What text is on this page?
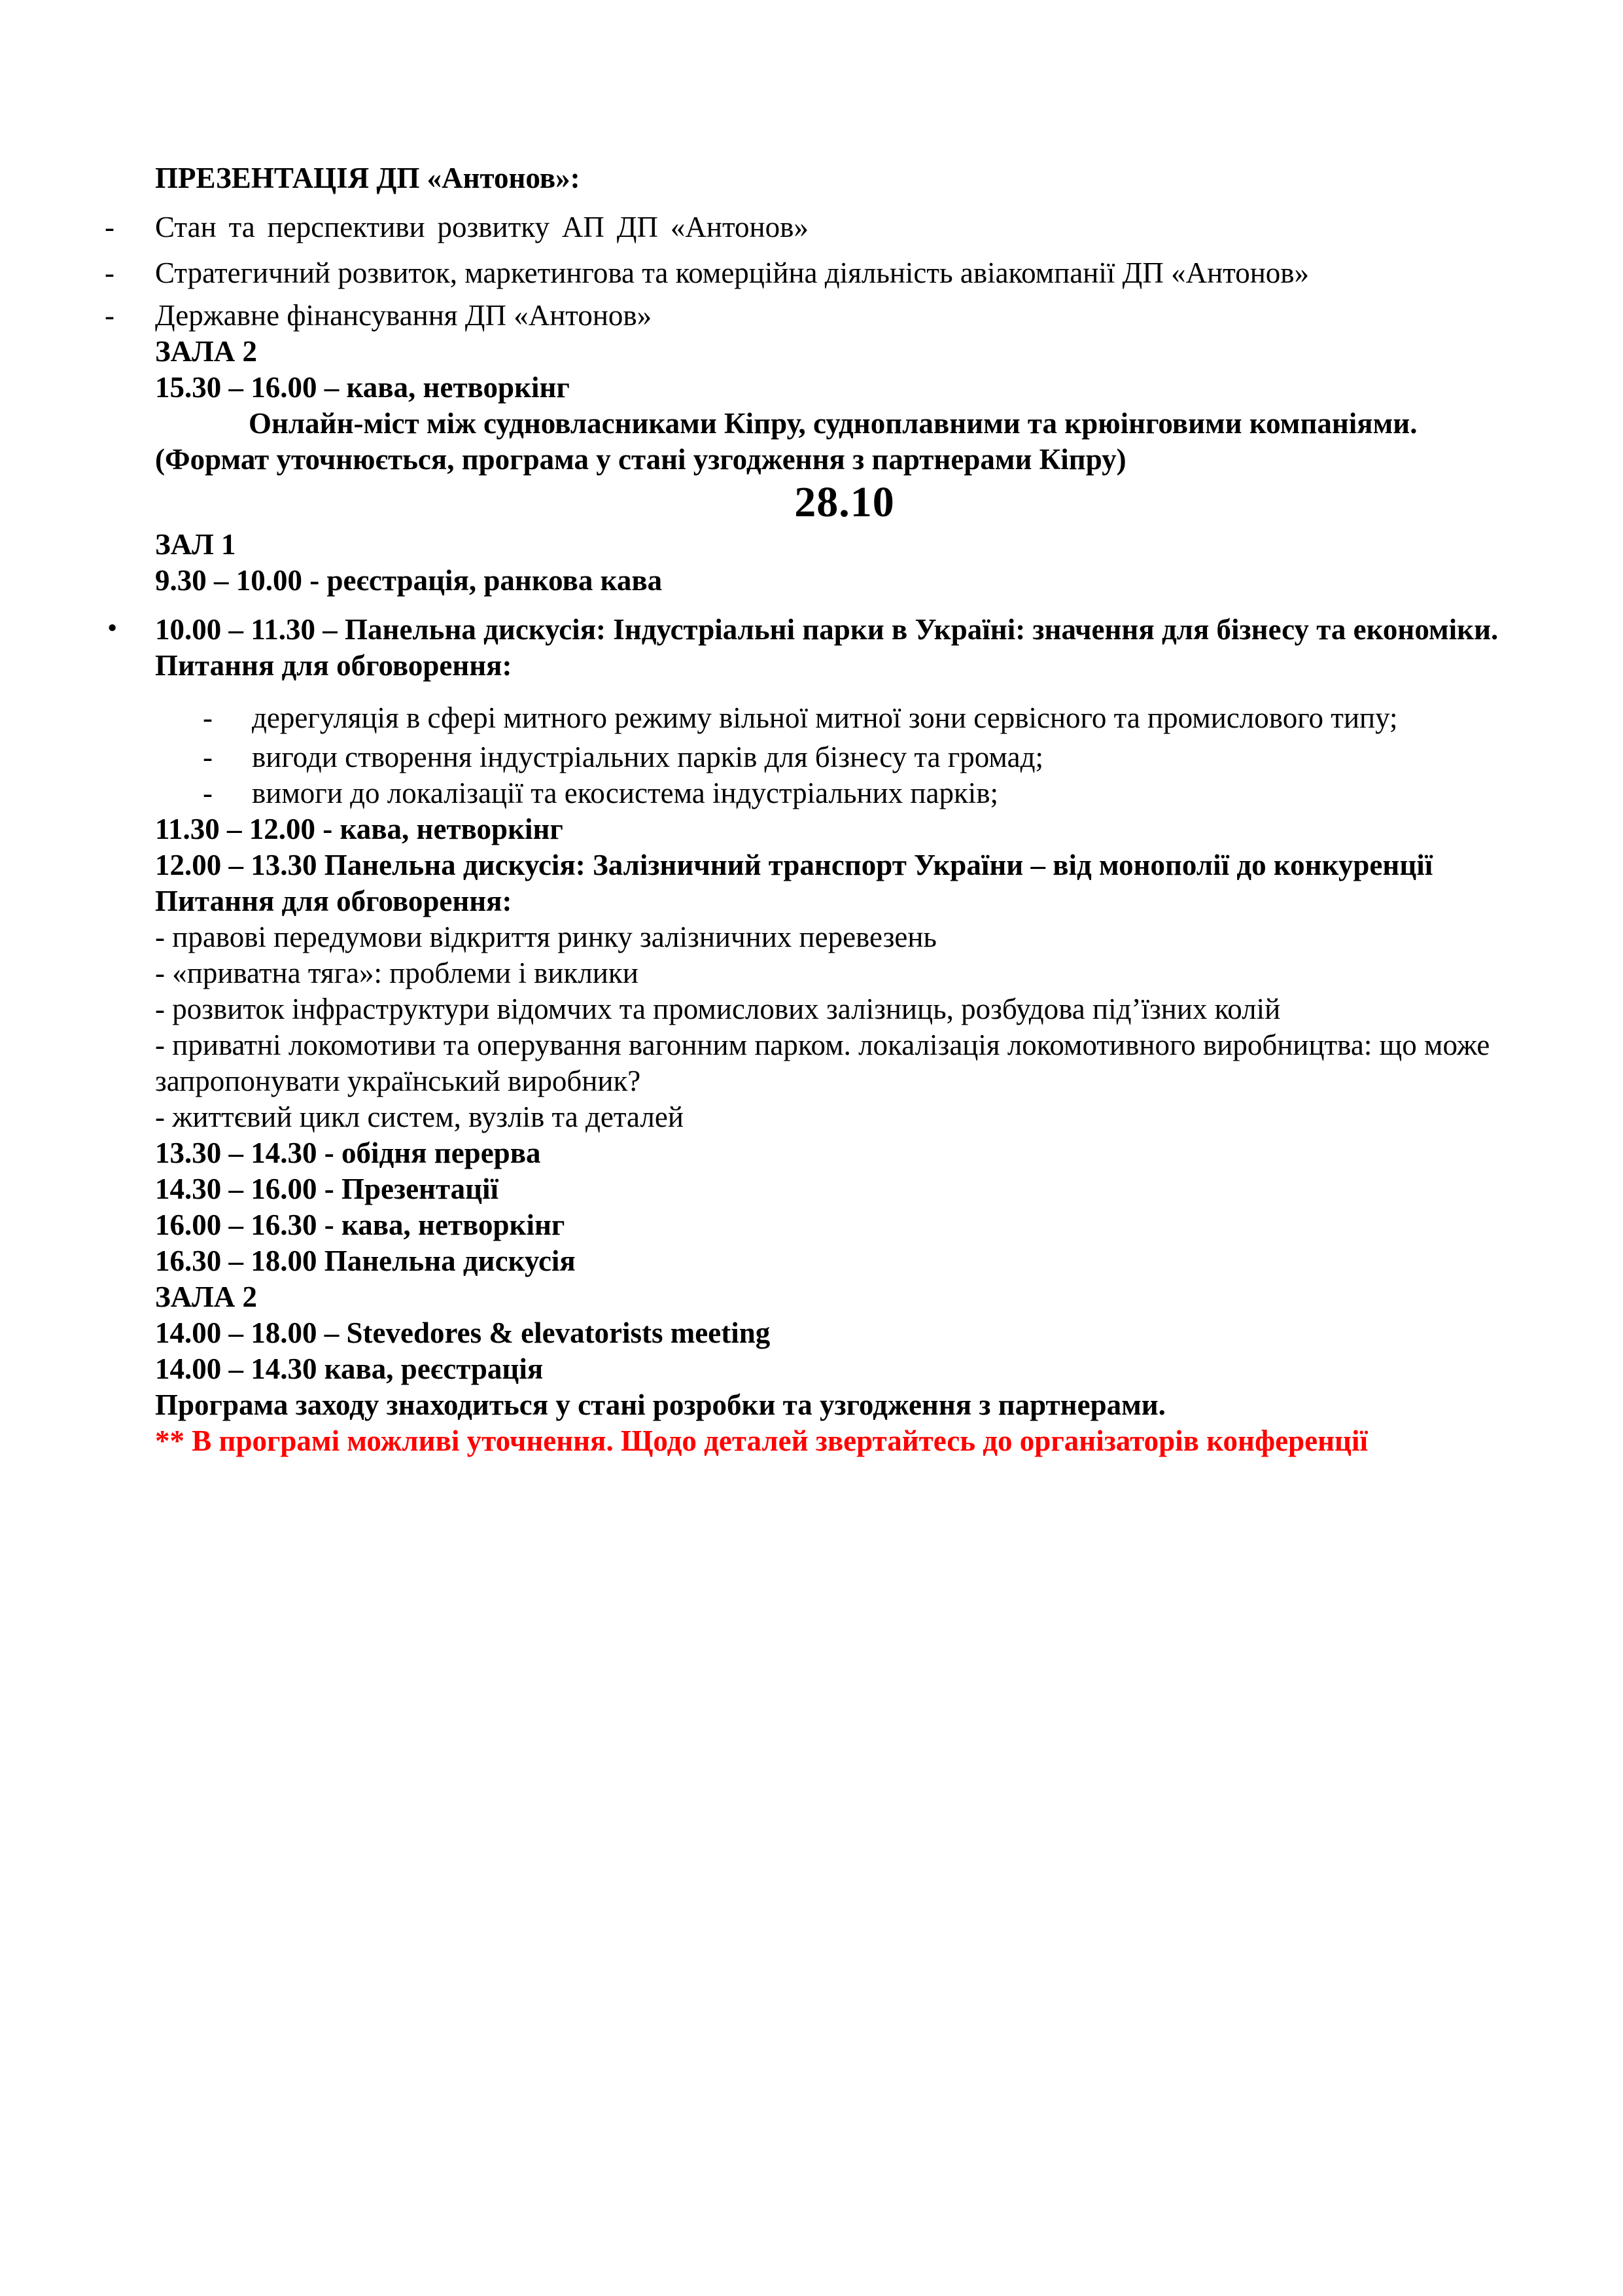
ПРЕЗЕНТАЦІЯ ДП «Антонов»:

- Стан та перспективи розвитку АП ДП «Антонов»
- Стратегичний розвиток, маркетингова та комерційна діяльність авіакомпанії ДП «Антонов»
- Державне фінансування ДП «Антонов»

ЗАЛА 2

15.30 – 16.00 – кава, нетворкінг

Онлайн-міст між судновласниками Кіпру, судноплавними та крюінговими компаніями. (Формат уточнюється, програма у стані узгодження з партнерами Кіпру)

28.10

ЗАЛ 1

9.30 – 10.00 - реєстрація, ранкова кава

• 10.00 – 11.30 – Панельна дискусія: Індустріальні парки в Україні: значення для бізнесу та економіки.

Питання для обговорення:

- дерегуляція в сфері митного режиму вільної митної зони сервісного та промислового типу;
- вигоди створення індустріальних парків для бізнесу та громад;
- вимоги до локалізації та екосистема індустріальних парків;

11.30 – 12.00 - кава, нетворкінг

12.00 – 13.30 Панельна дискусія: Залізничний транспорт України – від монополії до конкуренції

Питання для обговорення:

- правові передумови відкриття ринку залізничних перевезень

- «приватна тяга»: проблеми і виклики

- розвиток інфраструктури відомчих та промислових залізниць, розбудова під’їзних колій

- приватні локомотиви та оперування вагонним парком. локалізація локомотивного виробництва: що може запропонувати український виробник?

- життєвий цикл систем, вузлів та деталей

13.30 – 14.30 - обідня перерва

14.30 – 16.00 - Презентації

16.00 – 16.30 - кава, нетворкінг

16.30 – 18.00 Панельна дискусія

ЗАЛА 2

14.00 – 18.00 – Stevedores & elevatorists meeting

14.00 – 14.30 кава, реєстрація

Програма заходу знаходиться у стані розробки та узгодження з партнерами.

** В програмі можливі уточнення. Щодо деталей звертайтесь до організаторів конференції
